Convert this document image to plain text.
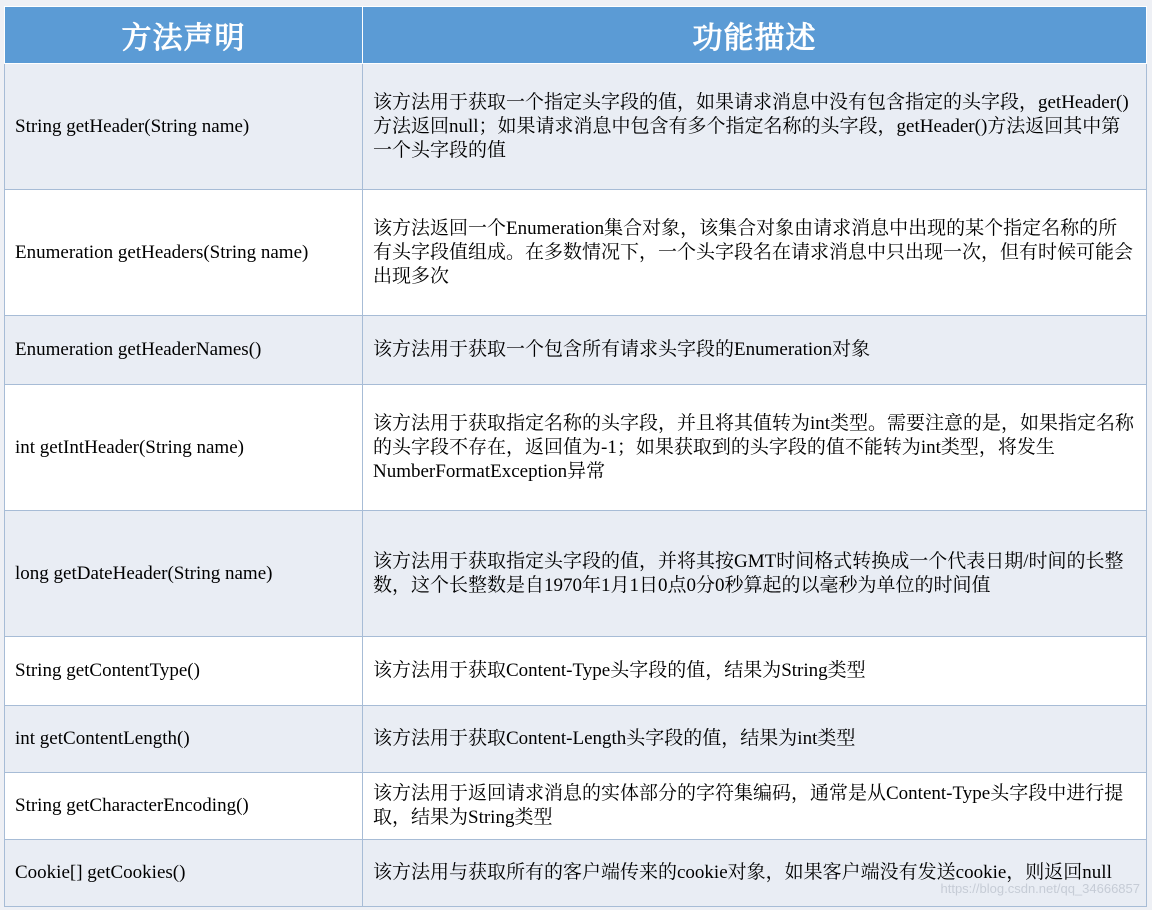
方法声明	功能描述
String getHeader(String name)	该方法用于获取一个指定头字段的值，如果请求消息中没有包含指定的头字段，getHeader() 方法返回null；如果请求消息中包含有多个指定名称的头字段，getHeader()方法返回其中第一个头字段的值
Enumeration getHeaders(String name)	该方法返回一个Enumeration集合对象，该集合对象由请求消息中出现的某个指定名称的所有头字段值组成。在多数情况下，一个头字段名在请求消息中只出现一次，但有时候可能会出现多次
Enumeration getHeaderNames()	该方法用于获取一个包含所有请求头字段的Enumeration对象
int getIntHeader(String name)	该方法用于获取指定名称的头字段，并且将其值转为int类型。需要注意的是，如果指定名称的头字段不存在，返回值为-1；如果获取到的头字段的值不能转为int类型，将发生NumberFormatException异常
long getDateHeader(String name)	该方法用于获取指定头字段的值，并将其按GMT时间格式转换成一个代表日期/时间的长整数，这个长整数是自1970年1月1日0点0分0秒算起的以毫秒为单位的时间值
String getContentType()	该方法用于获取Content-Type头字段的值，结果为String类型
int getContentLength()	该方法用于获取Content-Length头字段的值，结果为int类型
String getCharacterEncoding()	该方法用于返回请求消息的实体部分的字符集编码，通常是从Content-Type头字段中进行提取，结果为String类型
Cookie[] getCookies()	该方法用与获取所有的客户端传来的cookie对象，如果客户端没有发送cookie，则返回null
https://blog.csdn.net/qq_34666857
